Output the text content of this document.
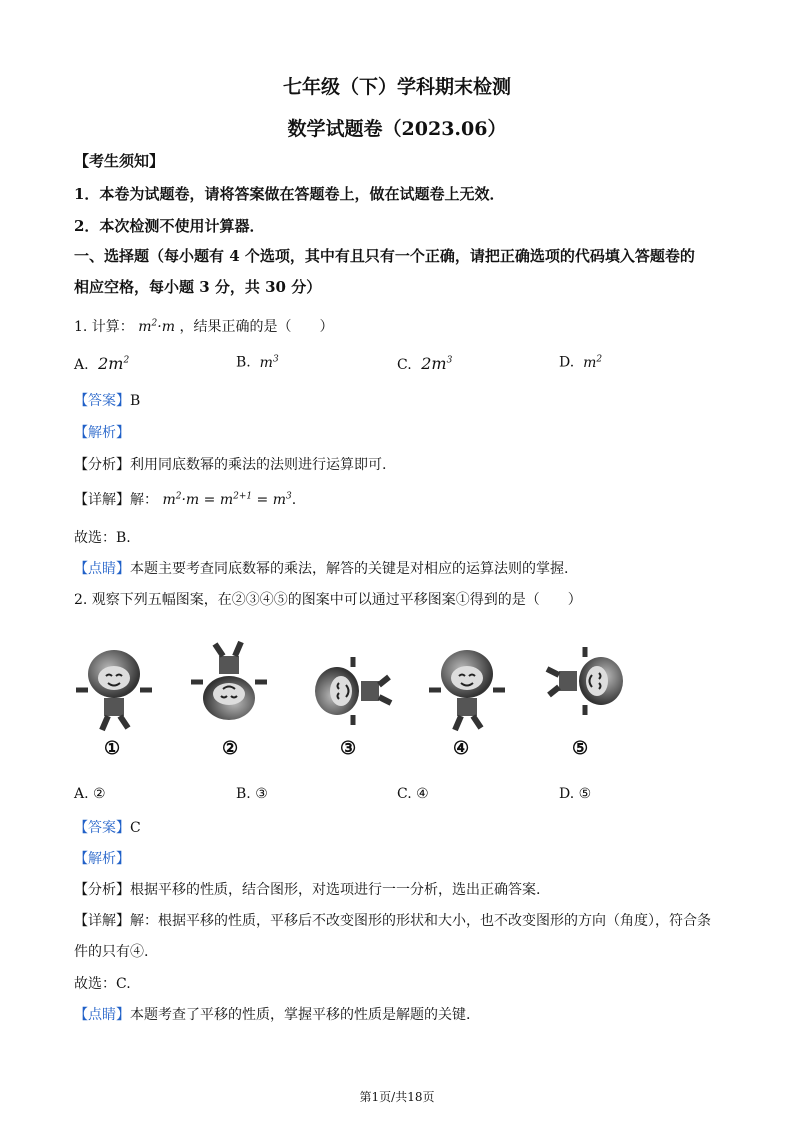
七年级（下）学科期末检测
数学试题卷（2023.06）
【考生须知】
1．本卷为试题卷，请将答案做在答题卷上，做在试题卷上无效．
2．本次检测不使用计算器．
一、选择题（每小题有 4 个选项，其中有且只有一个正确，请把正确选项的代码填入答题卷的
相应空格，每小题 3 分，共 30 分）
1. 计算： $m^2\cdot m$ ，结果正确的是（　　）
A.  $2m^2$	B.  $m^3$	C.  $2m^3$	D.  $m^2$
【答案】B
【解析】
【分析】利用同底数幂的乘法的法则进行运算即可.
【详解】解： $m^2\cdot m = m^{2+1} = m^3$.
故选：B.
【点睛】本题主要考查同底数幂的乘法，解答的关键是对相应的运算法则的掌握.
2. 观察下列五幅图案，在②③④⑤的图案中可以通过平移图案①得到的是（　　）
①	②	③	④	⑤
A. ②	B. ③	C. ④	D. ⑤
【答案】C
【解析】
【分析】根据平移的性质，结合图形，对选项进行一一分析，选出正确答案.
【详解】解：根据平移的性质，平移后不改变图形的形状和大小，也不改变图形的方向（角度），符合条
件的只有④.
故选：C.
【点睛】本题考查了平移的性质，掌握平移的性质是解题的关键.
第1页/共18页
